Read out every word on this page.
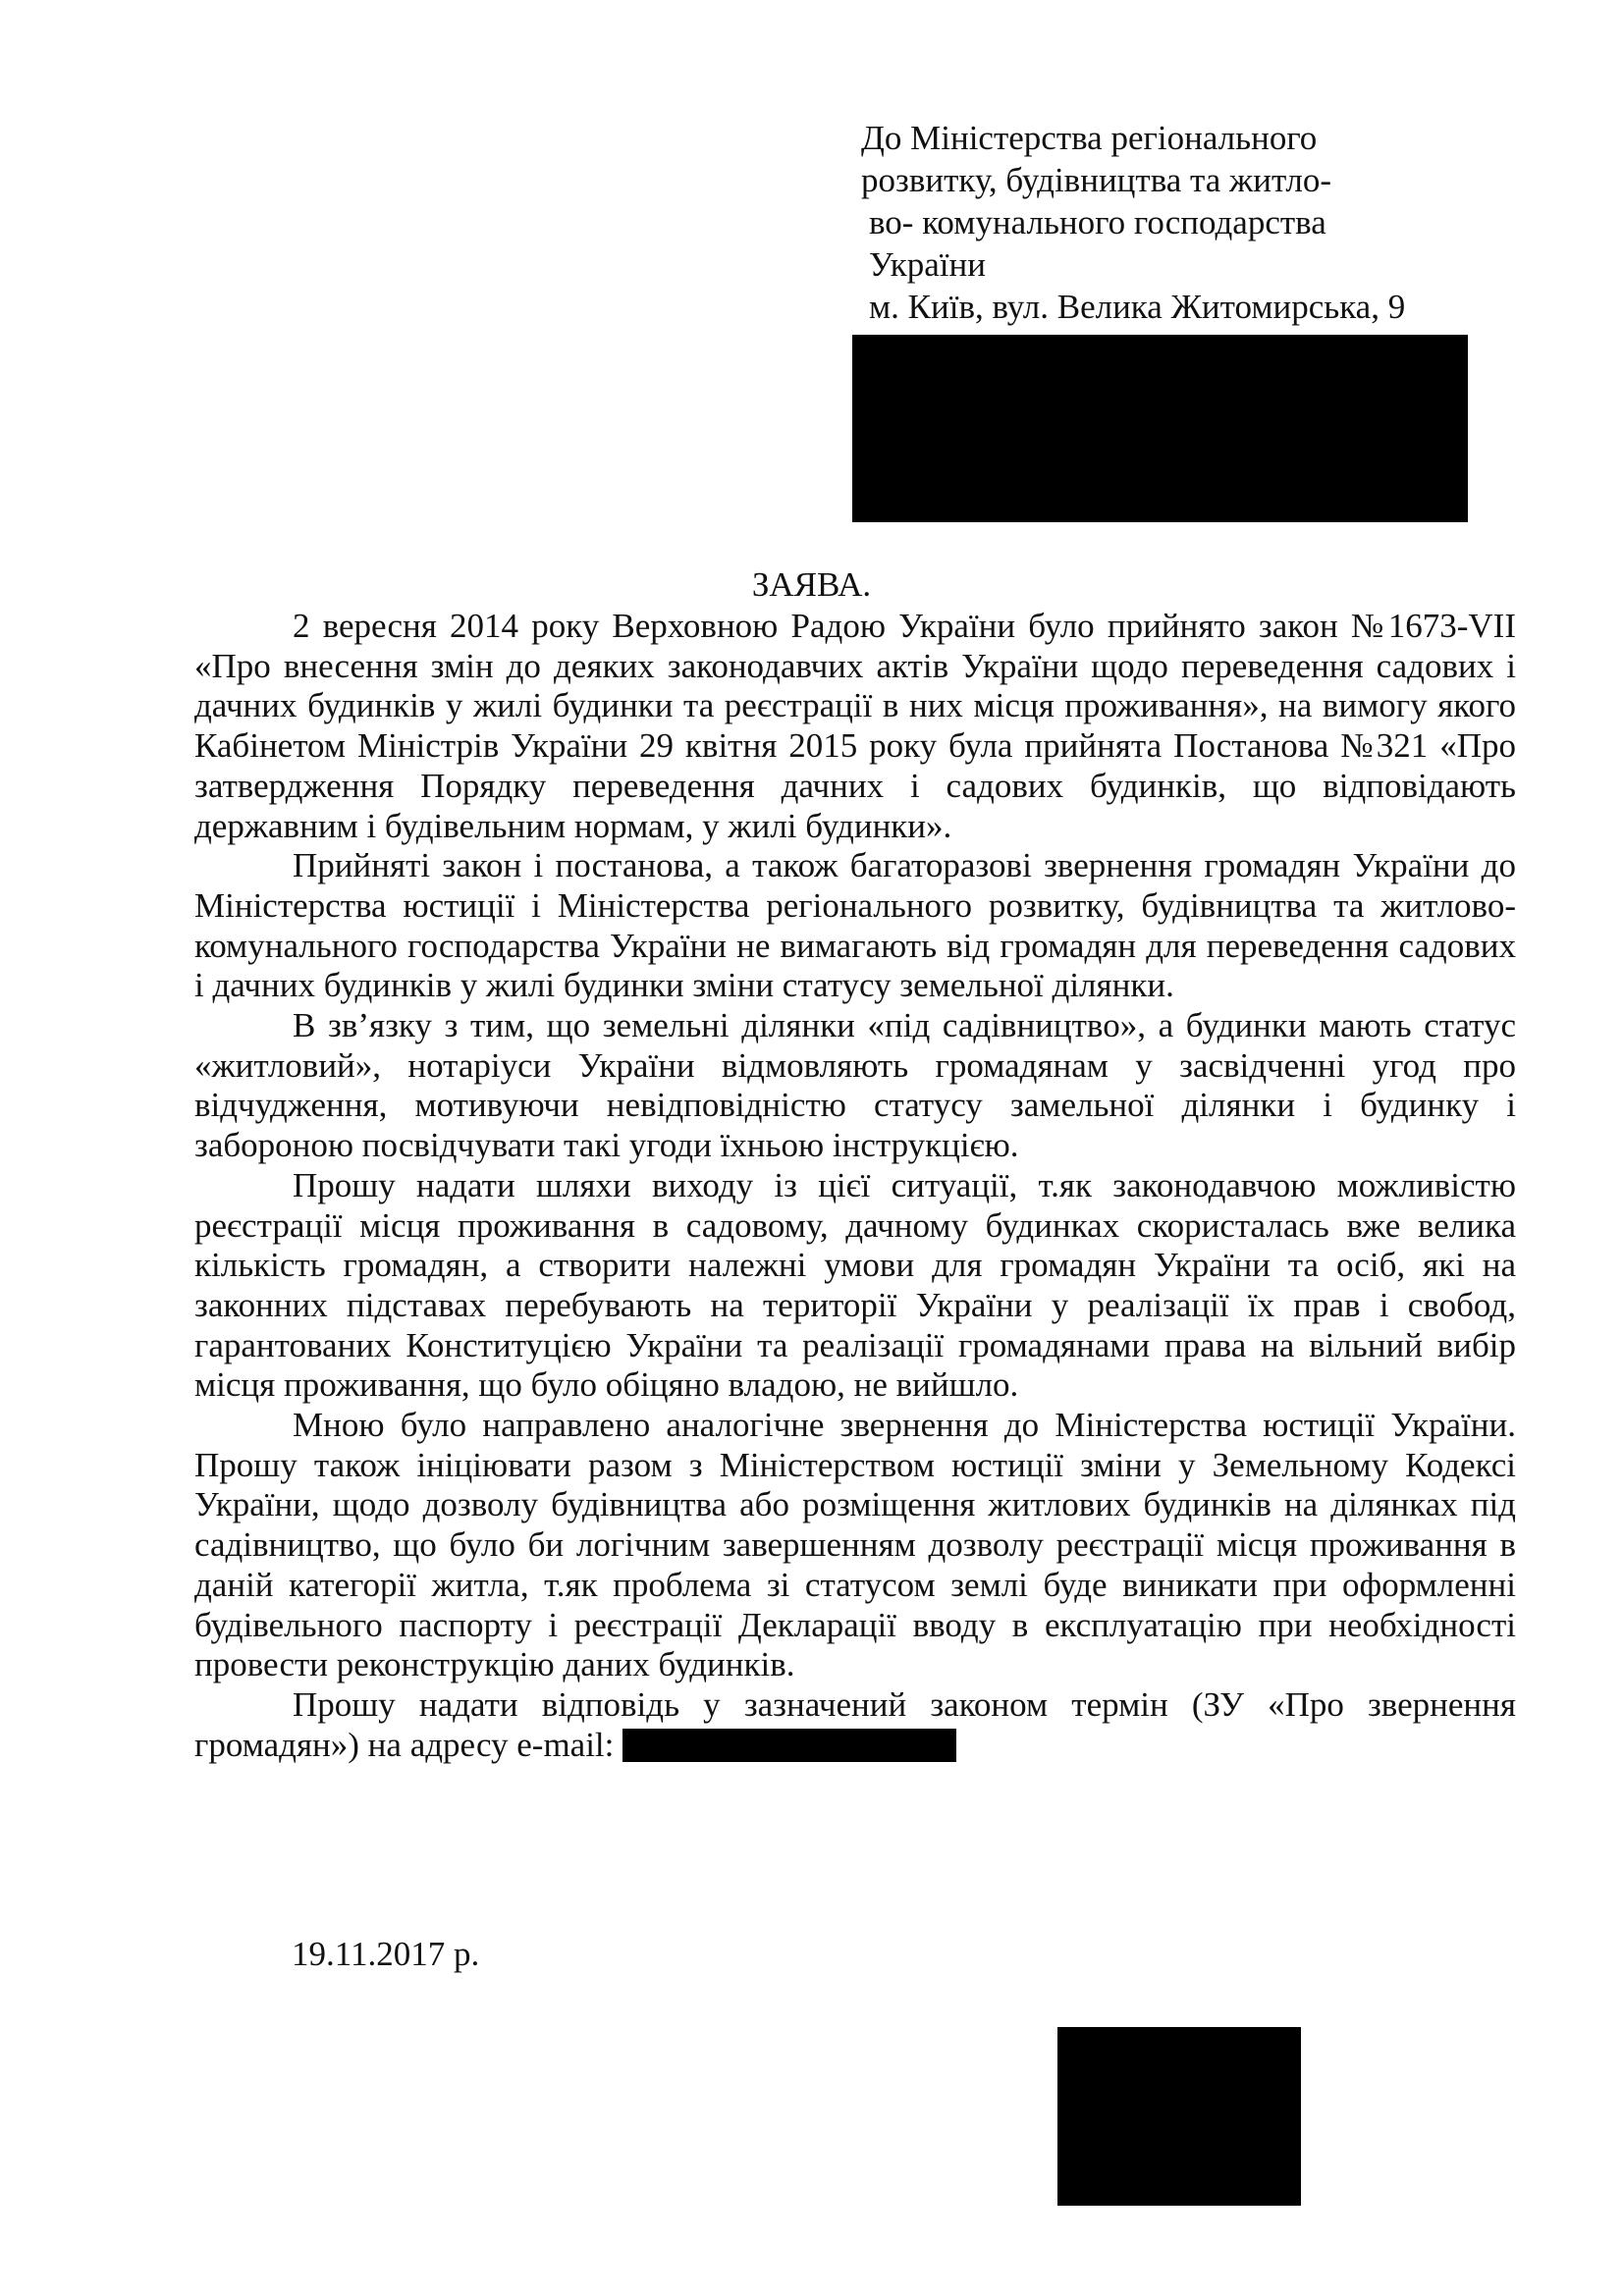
До Міністерства регіонального
розвитку, будівництва та житло-
во- комунального господарства
України
м. Київ, вул. Велика Житомирська, 9
ЗАЯВА.

2 вересня 2014 року Верховною Радою України було прийнято закон №1673-VII «Про внесення змін до деяких законодавчих актів України щодо переведення садових і дачних будинків у жилі будинки та реєстрації в них місця проживання», на вимогу якого Кабінетом Міністрів України 29 квітня 2015 року була прийнята Постанова №321 «Про затвердження Порядку переведення дачних і садових будинків, що відповідають державним і будівельним нормам, у жилі будинки».

Прийняті закон і постанова, а також багаторазові звернення громадян України до Міністерства юстиції і Міністерства регіонального розвитку, будівництва та житлово-комунального господарства України не вимагають від громадян для переведення садових і дачних будинків у жилі будинки зміни статусу земельної ділянки.

В зв’язку з тим, що земельні ділянки «під садівництво», а будинки мають статус «житловий», нотаріуси України відмовляють громадянам у засвідченні угод про відчудження, мотивуючи невідповідністю статусу замельної ділянки і будинку і забороною посвідчувати такі угоди їхньою інструкцією.

Прошу надати шляхи виходу із цієї ситуації, т.як законодавчою можливістю реєстрації місця проживання в садовому, дачному будинках скористалась вже велика кількість громадян, а створити належні умови для громадян України та осіб, які на законних підставах перебувають на території України у реалізації їх прав і свобод, гарантованих Конституцією України та реалізації громадянами права на вільний вибір місця проживання, що було обіцяно владою, не вийшло.

Мною було направлено аналогічне звернення до Міністерства юстиції України. Прошу також ініціювати разом з Міністерством юстиції зміни у Земельному Кодексі України, щодо дозволу будівництва або розміщення житлових будинків на ділянках під садівництво, що було би логічним завершенням дозволу реєстрації місця проживання в даній категорії житла, т.як проблема зі статусом землі буде виникати при оформленні будівельного паспорту і реєстрації Декларації вводу в експлуатацію при необхідності провести реконструкцію даних будинків.

Прошу надати відповідь у зазначений законом термін (ЗУ «Про звернення громадян») на адресу e-mail:

19.11.2017 р.
